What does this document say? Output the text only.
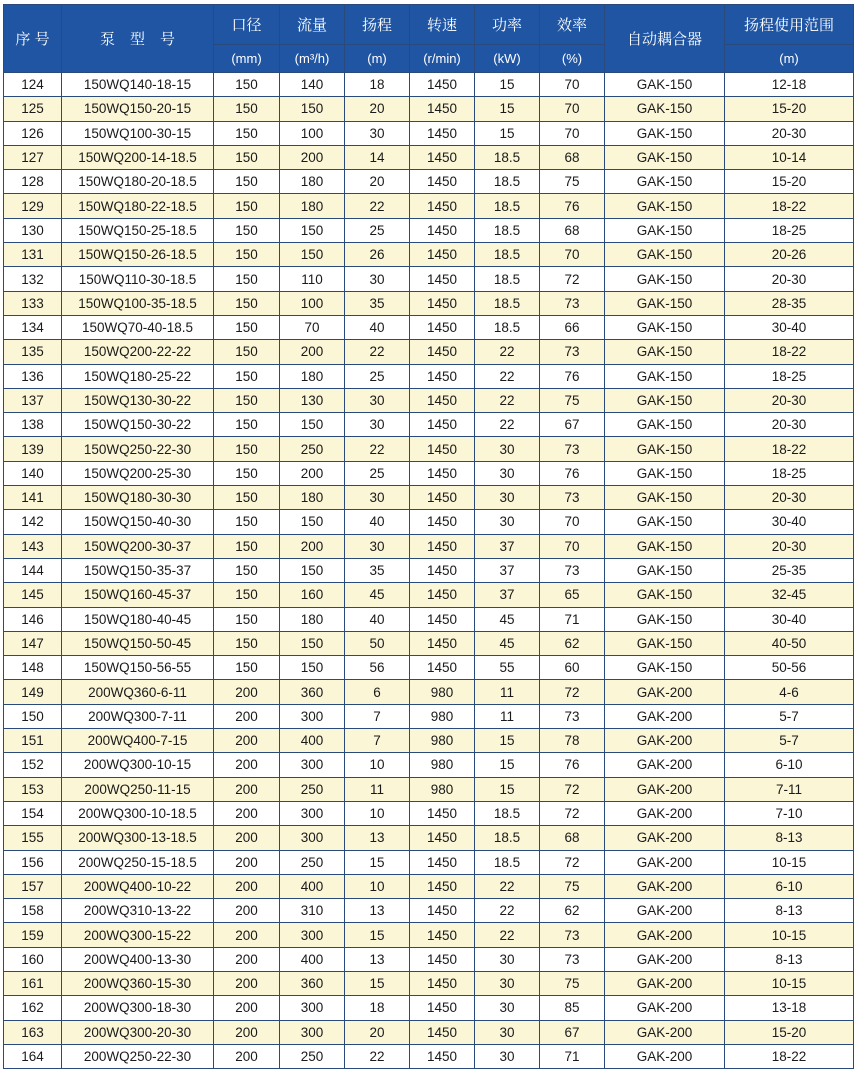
序 号	泵　型　号	口径	流量	扬程	转速	功率	效率	自动耦合器	扬程使用范围
		(mm)	(m³/h)	(m)	(r/min)	(kW)	(%)		(m)
124	150WQ140-18-15	150	140	18	1450	15	70	GAK-150	12-18
125	150WQ150-20-15	150	150	20	1450	15	70	GAK-150	15-20
126	150WQ100-30-15	150	100	30	1450	15	70	GAK-150	20-30
127	150WQ200-14-18.5	150	200	14	1450	18.5	68	GAK-150	10-14
128	150WQ180-20-18.5	150	180	20	1450	18.5	75	GAK-150	15-20
129	150WQ180-22-18.5	150	180	22	1450	18.5	76	GAK-150	18-22
130	150WQ150-25-18.5	150	150	25	1450	18.5	68	GAK-150	18-25
131	150WQ150-26-18.5	150	150	26	1450	18.5	70	GAK-150	20-26
132	150WQ110-30-18.5	150	110	30	1450	18.5	72	GAK-150	20-30
133	150WQ100-35-18.5	150	100	35	1450	18.5	73	GAK-150	28-35
134	150WQ70-40-18.5	150	70	40	1450	18.5	66	GAK-150	30-40
135	150WQ200-22-22	150	200	22	1450	22	73	GAK-150	18-22
136	150WQ180-25-22	150	180	25	1450	22	76	GAK-150	18-25
137	150WQ130-30-22	150	130	30	1450	22	75	GAK-150	20-30
138	150WQ150-30-22	150	150	30	1450	22	67	GAK-150	20-30
139	150WQ250-22-30	150	250	22	1450	30	73	GAK-150	18-22
140	150WQ200-25-30	150	200	25	1450	30	76	GAK-150	18-25
141	150WQ180-30-30	150	180	30	1450	30	73	GAK-150	20-30
142	150WQ150-40-30	150	150	40	1450	30	70	GAK-150	30-40
143	150WQ200-30-37	150	200	30	1450	37	70	GAK-150	20-30
144	150WQ150-35-37	150	150	35	1450	37	73	GAK-150	25-35
145	150WQ160-45-37	150	160	45	1450	37	65	GAK-150	32-45
146	150WQ180-40-45	150	180	40	1450	45	71	GAK-150	30-40
147	150WQ150-50-45	150	150	50	1450	45	62	GAK-150	40-50
148	150WQ150-56-55	150	150	56	1450	55	60	GAK-150	50-56
149	200WQ360-6-11	200	360	6	980	11	72	GAK-200	4-6
150	200WQ300-7-11	200	300	7	980	11	73	GAK-200	5-7
151	200WQ400-7-15	200	400	7	980	15	78	GAK-200	5-7
152	200WQ300-10-15	200	300	10	980	15	76	GAK-200	6-10
153	200WQ250-11-15	200	250	11	980	15	72	GAK-200	7-11
154	200WQ300-10-18.5	200	300	10	1450	18.5	72	GAK-200	7-10
155	200WQ300-13-18.5	200	300	13	1450	18.5	68	GAK-200	8-13
156	200WQ250-15-18.5	200	250	15	1450	18.5	72	GAK-200	10-15
157	200WQ400-10-22	200	400	10	1450	22	75	GAK-200	6-10
158	200WQ310-13-22	200	310	13	1450	22	62	GAK-200	8-13
159	200WQ300-15-22	200	300	15	1450	22	73	GAK-200	10-15
160	200WQ400-13-30	200	400	13	1450	30	73	GAK-200	8-13
161	200WQ360-15-30	200	360	15	1450	30	75	GAK-200	10-15
162	200WQ300-18-30	200	300	18	1450	30	85	GAK-200	13-18
163	200WQ300-20-30	200	300	20	1450	30	67	GAK-200	15-20
164	200WQ250-22-30	200	250	22	1450	30	71	GAK-200	18-22
